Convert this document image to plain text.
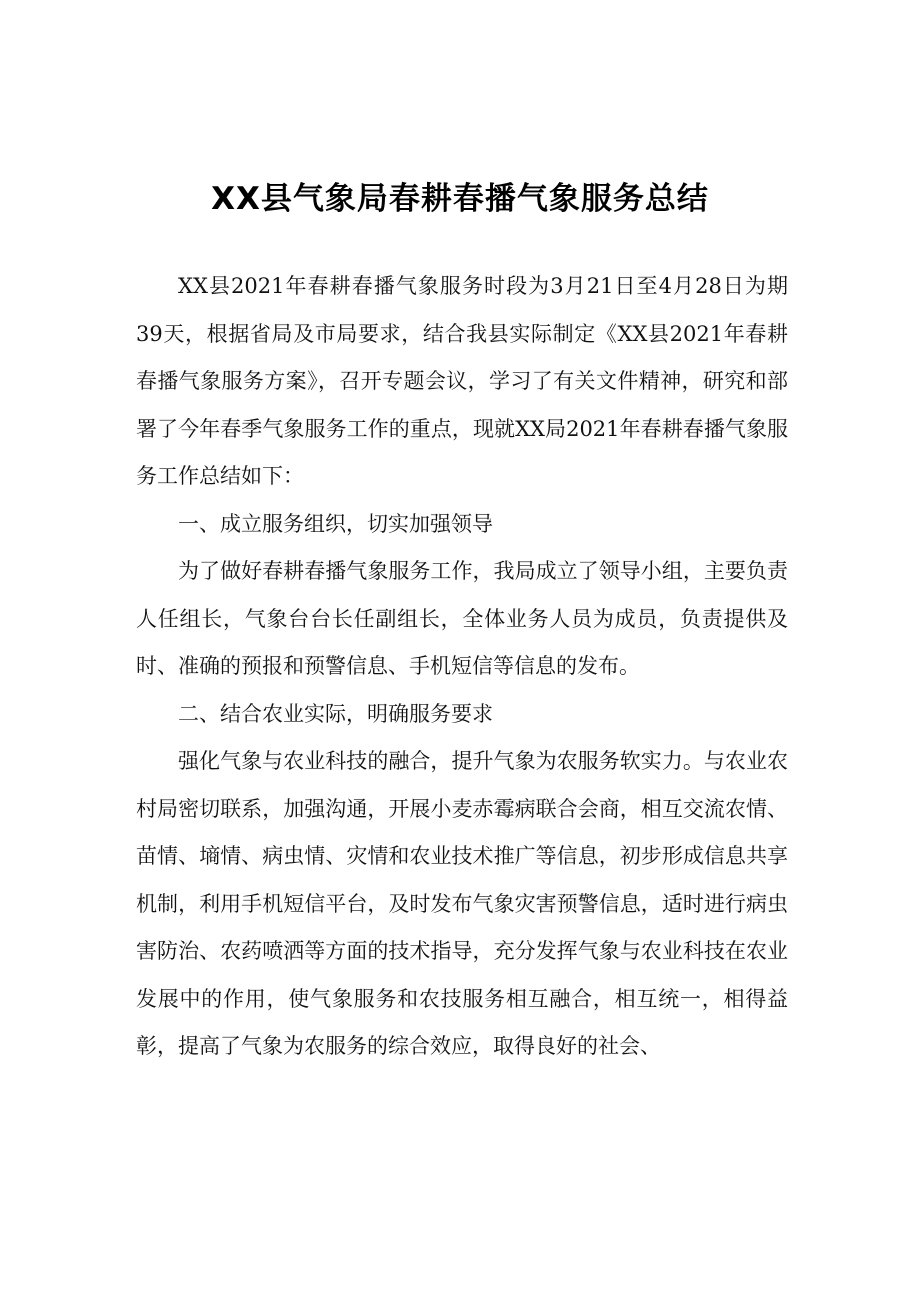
XX县气象局春耕春播气象服务总结

XX县2021年春耕春播气象服务时段为3月21日至4月28日为期39天，根据省局及市局要求，结合我县实际制定《XX县2021年春耕春播气象服务方案》，召开专题会议，学习了有关文件精神，研究和部署了今年春季气象服务工作的重点，现就XX局2021年春耕春播气象服务工作总结如下：

一、成立服务组织，切实加强领导

为了做好春耕春播气象服务工作，我局成立了领导小组，主要负责人任组长，气象台台长任副组长，全体业务人员为成员，负责提供及时、准确的预报和预警信息、手机短信等信息的发布。

二、结合农业实际，明确服务要求

强化气象与农业科技的融合，提升气象为农服务软实力。与农业农村局密切联系，加强沟通，开展小麦赤霉病联合会商，相互交流农情、苗情、墒情、病虫情、灾情和农业技术推广等信息，初步形成信息共享机制，利用手机短信平台，及时发布气象灾害预警信息，适时进行病虫害防治、农药喷洒等方面的技术指导，充分发挥气象与农业科技在农业发展中的作用，使气象服务和农技服务相互融合，相互统一，相得益彰，提高了气象为农服务的综合效应，取得良好的社会、
